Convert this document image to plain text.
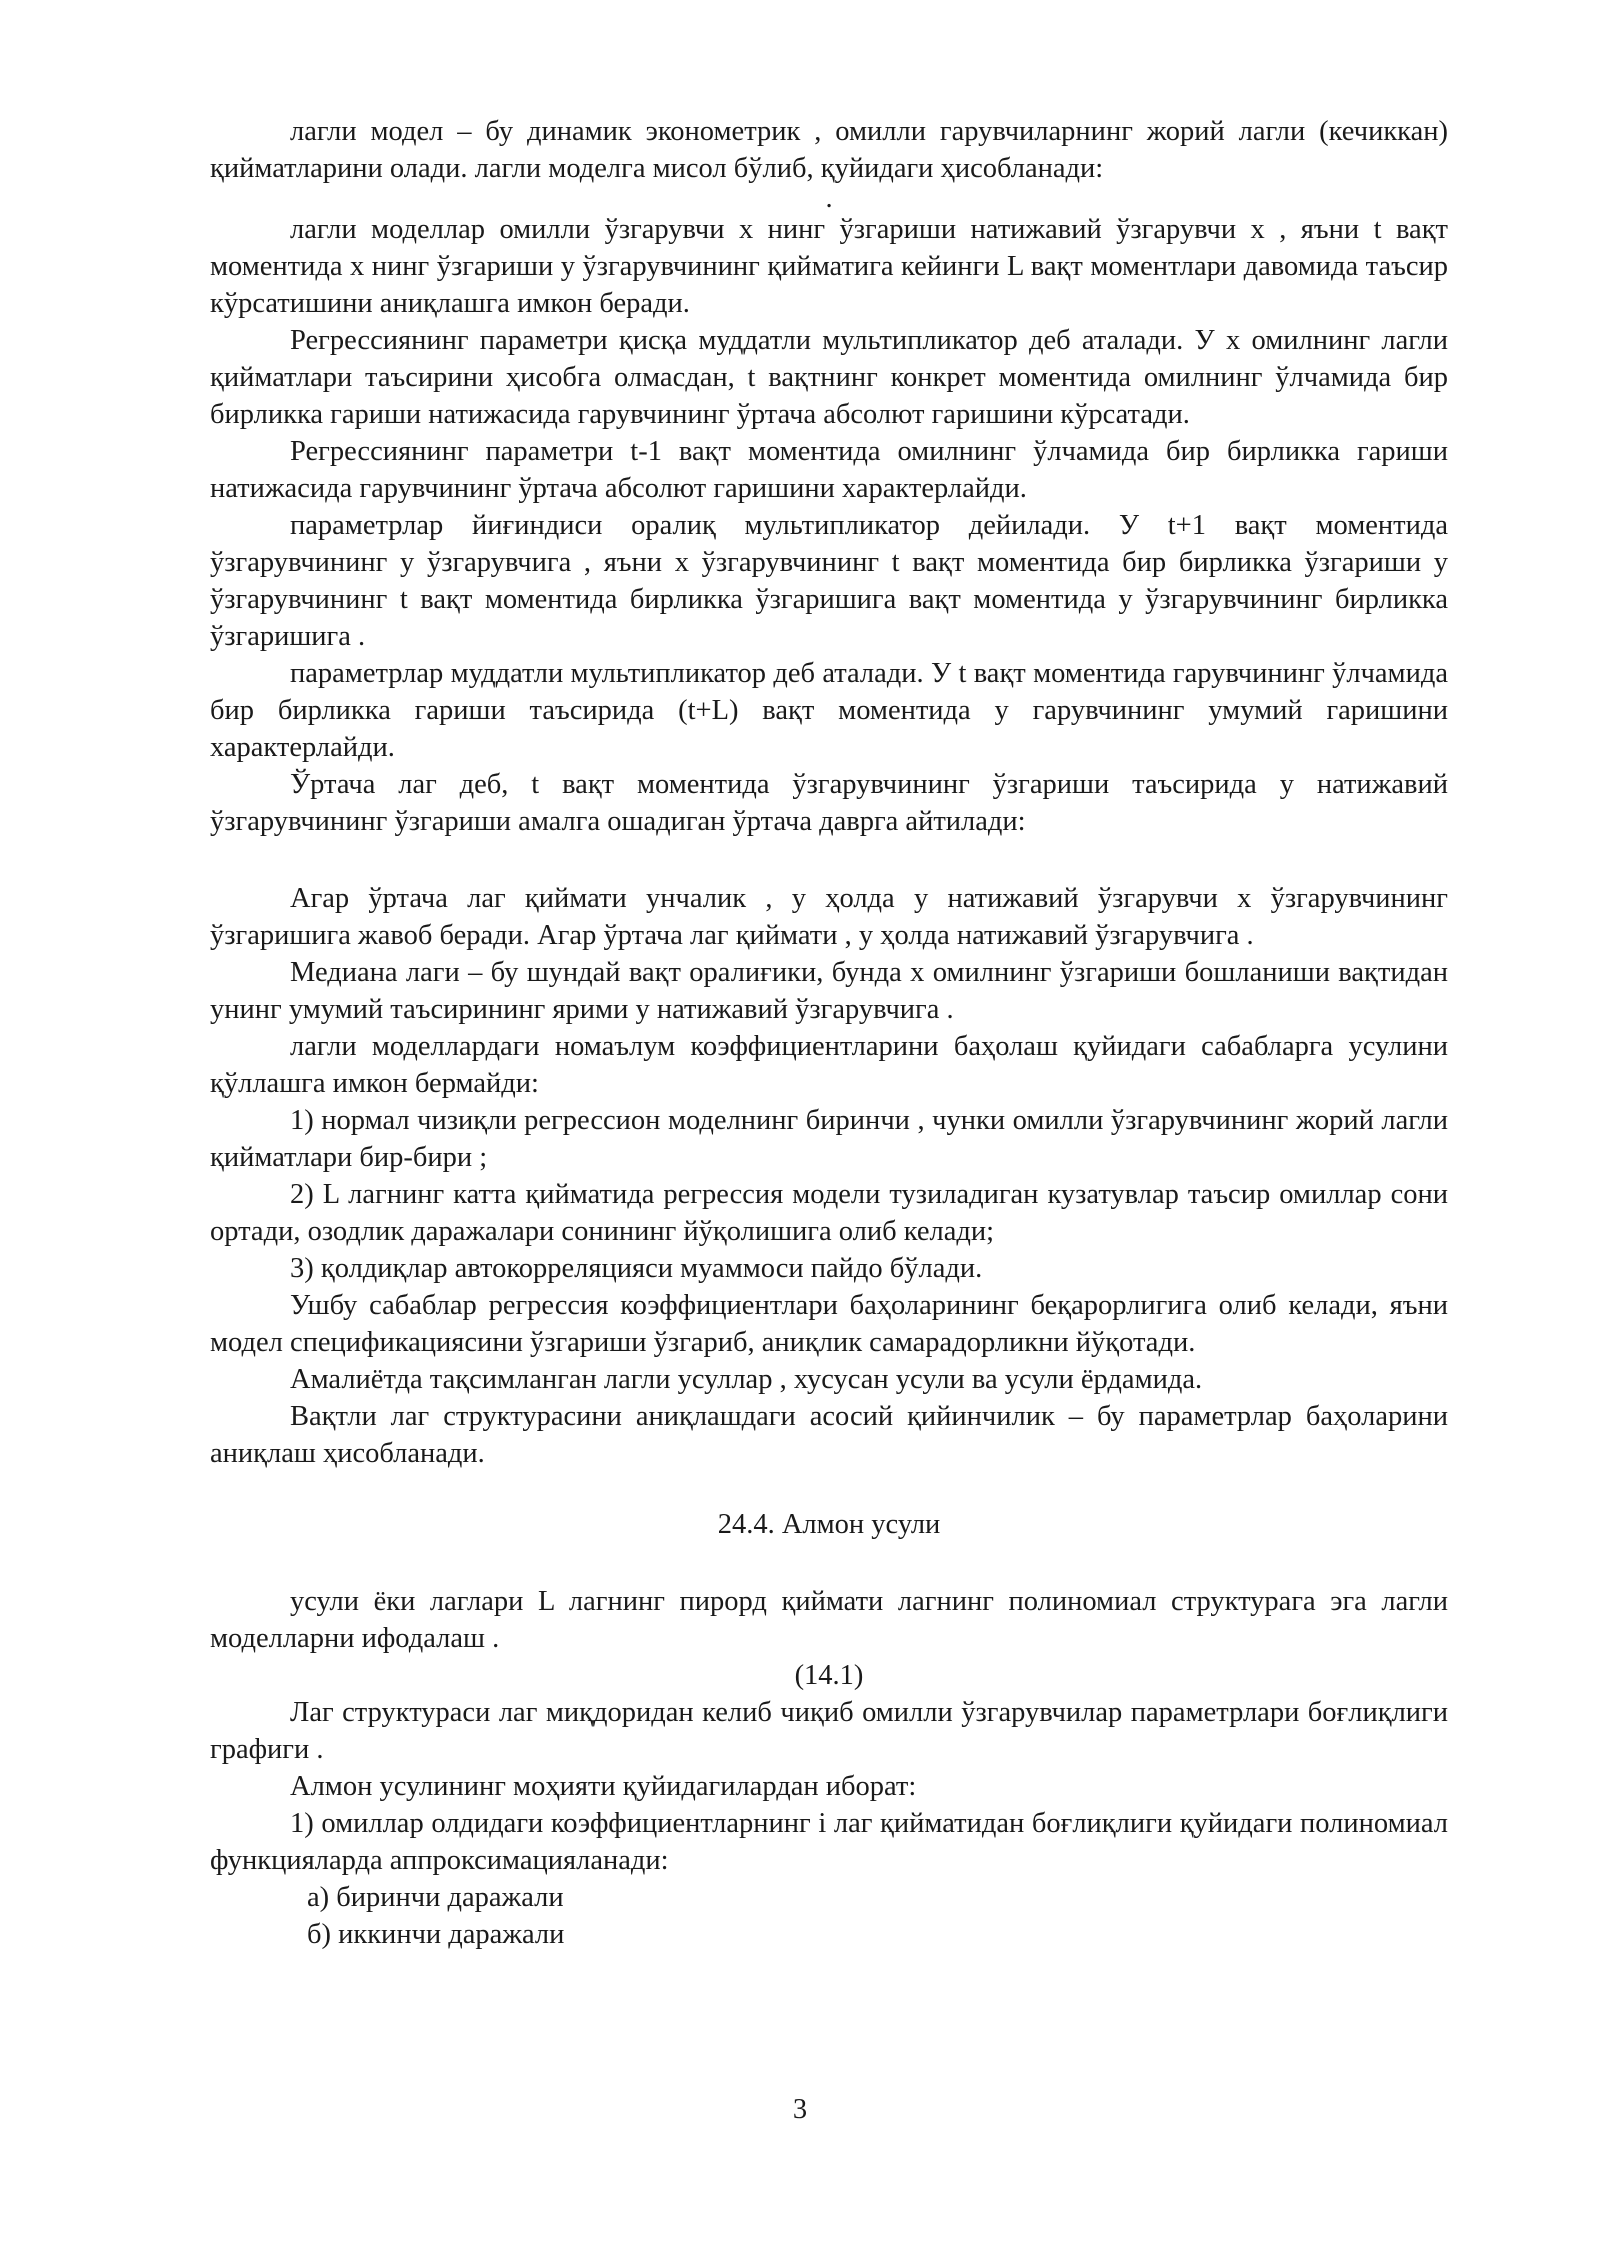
лагли модел – бу динамик эконометрик , омилли гарувчиларнинг жорий лагли (кечиккан) қийматларини олади. лагли моделга мисол бўлиб, қуйидаги ҳисобланади:

.

лагли моделлар омилли ўзгарувчи x нинг ўзгариши натижавий ўзгарувчи x , яъни t вақт моментида x нинг ўзгариши y ўзгарувчининг қийматига кейинги L вақт моментлари давомида таъсир кўрсатишини аниқлашга имкон беради.

Регрессиянинг параметри қисқа муддатли мультипликатор деб аталади. У x омилнинг лагли қийматлари таъсирини ҳисобга олмасдан, t вақтнинг конкрет моментида омилнинг ўлчамида бир бирликка гариши натижасида гарувчининг ўртача абсолют гаришини кўрсатади.

Регрессиянинг параметри t-1 вақт моментида омилнинг ўлчамида бир бирликка гариши натижасида гарувчининг ўртача абсолют гаришини характерлайди.

параметрлар йиғиндиси оралиқ мультипликатор дейилади. У t+1 вақт моментида ўзгарувчининг y ўзгарувчига , яъни x ўзгарувчининг t вақт моментида бир бирликка ўзгариши y ўзгарувчининг t вақт моментида бирликка ўзгаришига вақт моментида y ўзгарувчининг бирликка ўзгаришига .

параметрлар муддатли мультипликатор деб аталади. У t вақт моментида гарувчининг ўлчамида бир бирликка гариши таъсирида (t+L) вақт моментида y гарувчининг умумий гаришини характерлайди.

Ўртача лаг деб, t вақт моментида ўзгарувчининг ўзгариши таъсирида y натижавий ўзгарувчининг ўзгариши амалга ошадиган ўртача даврга айтилади:

Агар ўртача лаг қиймати унчалик , y ҳолда y натижавий ўзгарувчи x ўзгарувчининг ўзгаришига жавоб беради. Агар ўртача лаг қиймати , y ҳолда натижавий ўзгарувчига .

Медиана лаги – бу шундай вақт оралиғики, бунда x омилнинг ўзгариши бошланиши вақтидан унинг умумий таъсирининг ярими y натижавий ўзгарувчига .

лагли моделлардаги номаълум коэффициентларини баҳолаш қуйидаги сабабларга усулини қўллашга имкон бермайди:

1) нормал чизиқли регрессион моделнинг биринчи , чунки омилли ўзгарувчининг жорий лагли қийматлари бир-бири ;

2) L лагнинг катта қийматида регрессия модели тузиладиган кузатувлар таъсир омиллар сони ортади, озодлик даражалари сонининг йўқолишига олиб келади;

3) қолдиқлар автокорреляцияси муаммоси пайдо бўлади.

Ушбу сабаблар регрессия коэффициентлари баҳоларининг беқарорлигига олиб келади, яъни модел спецификациясини ўзгариши ўзгариб, аниқлик самарадорликни йўқотади.

Амалиётда тақсимланган лагли усуллар , хусусан усули ва усули ёрдамида.

Вақтли лаг структурасини аниқлашдаги асосий қийинчилик – бу параметрлар баҳоларини аниқлаш ҳисобланади.

24.4. Алмон усули

усули ёки лаглари L лагнинг пирорд қиймати лагнинг полиномиал структурага эга лагли моделларни ифодалаш .

(14.1)

Лаг структураси лаг миқдоридан келиб чиқиб омилли ўзгарувчилар параметрлари боғлиқлиги графиги .

Алмон усулининг моҳияти қуйидагилардан иборат:

1) омиллар олдидаги коэффициентларнинг i лаг қийматидан боғлиқлиги қуйидаги полиномиал функцияларда аппроксимацияланади:

а) биринчи даражали

б) иккинчи даражали

3
